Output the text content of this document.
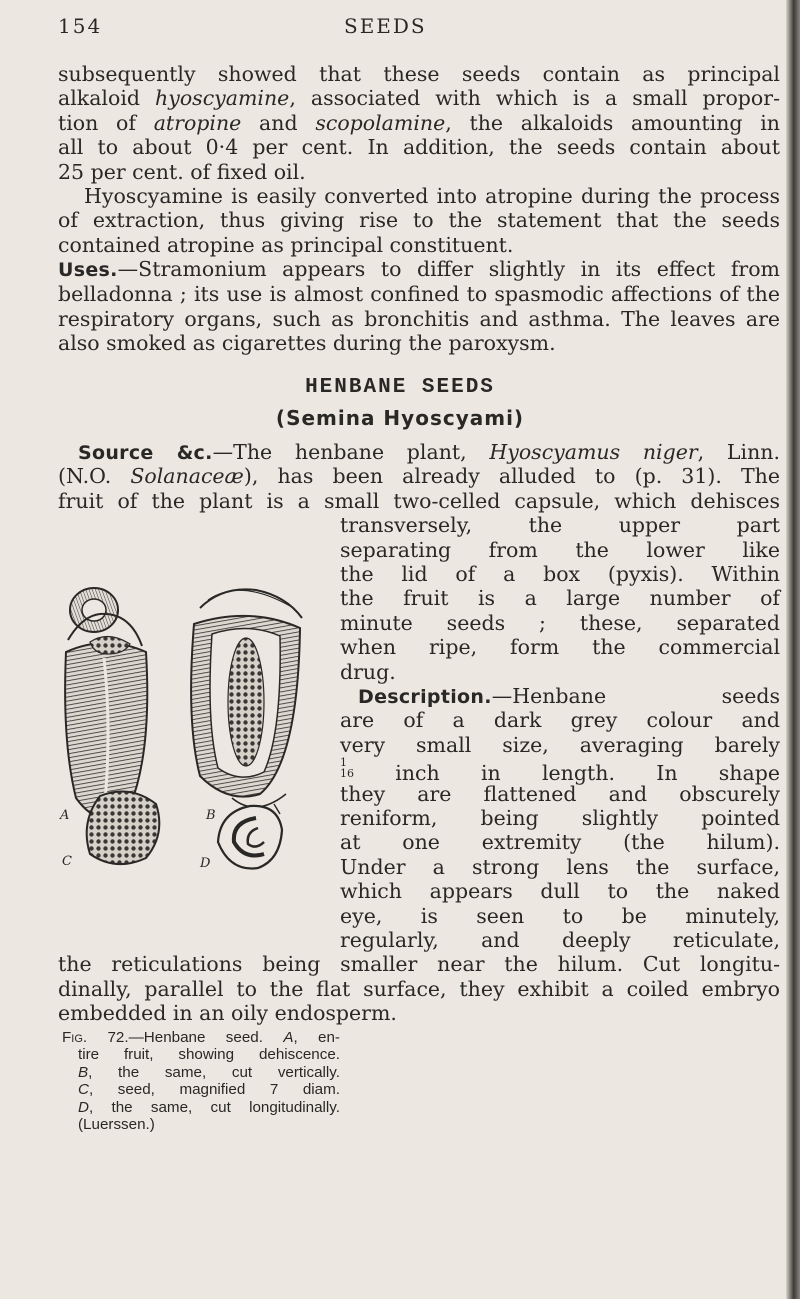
154	SEEDS
subsequently showed that these seeds contain as principal
alkaloid hyoscyamine, associated with which is a small propor-
tion of atropine and scopolamine, the alkaloids amounting in
all to about 0·4 per cent. In addition, the seeds contain about
25 per cent. of fixed oil.

Hyoscyamine is easily converted into atropine during the process of extraction, thus giving rise to the statement that the seeds contained atropine as principal constituent.

Uses.—Stramonium appears to differ slightly in its effect from belladonna ; its use is almost confined to spasmodic affections of the respiratory organs, such as bronchitis and asthma. The leaves are also smoked as cigarettes during the paroxysm.

HENBANE SEEDS
(Semina Hyoscyami)
Source &c.—The henbane plant, Hyoscyamus niger, Linn.
(N.O. Solanaceæ), has been already alluded to (p. 31). The
fruit of the plant is a small two-celled capsule, which dehisces
transversely, the upper part
separating from the lower like
the lid of a box (pyxis). Within
the fruit is a large number of
minute seeds ; these, separated
when ripe, form the commercial
drug.
Description.—Henbane seeds
are of a dark grey colour and
very small size, averaging barely
1
16 inch in length. In shape
they are flattened and obscurely
reniform, being slightly pointed
at one extremity (the hilum).
Under a strong lens the surface,
which appears dull to the naked
eye, is seen to be minutely,
regularly, and deeply reticulate,
the reticulations being smaller near the hilum. Cut longitu-
dinally, parallel to the flat surface, they exhibit a coiled embryo
embedded in an oily endosperm.
A	B
C	D
Fig. 72.—Henbane seed. A, en-
tire fruit, showing dehiscence.
B, the same, cut vertically.
C, seed, magnified 7 diam.
D, the same, cut longitudinally.
(Luerssen.)
